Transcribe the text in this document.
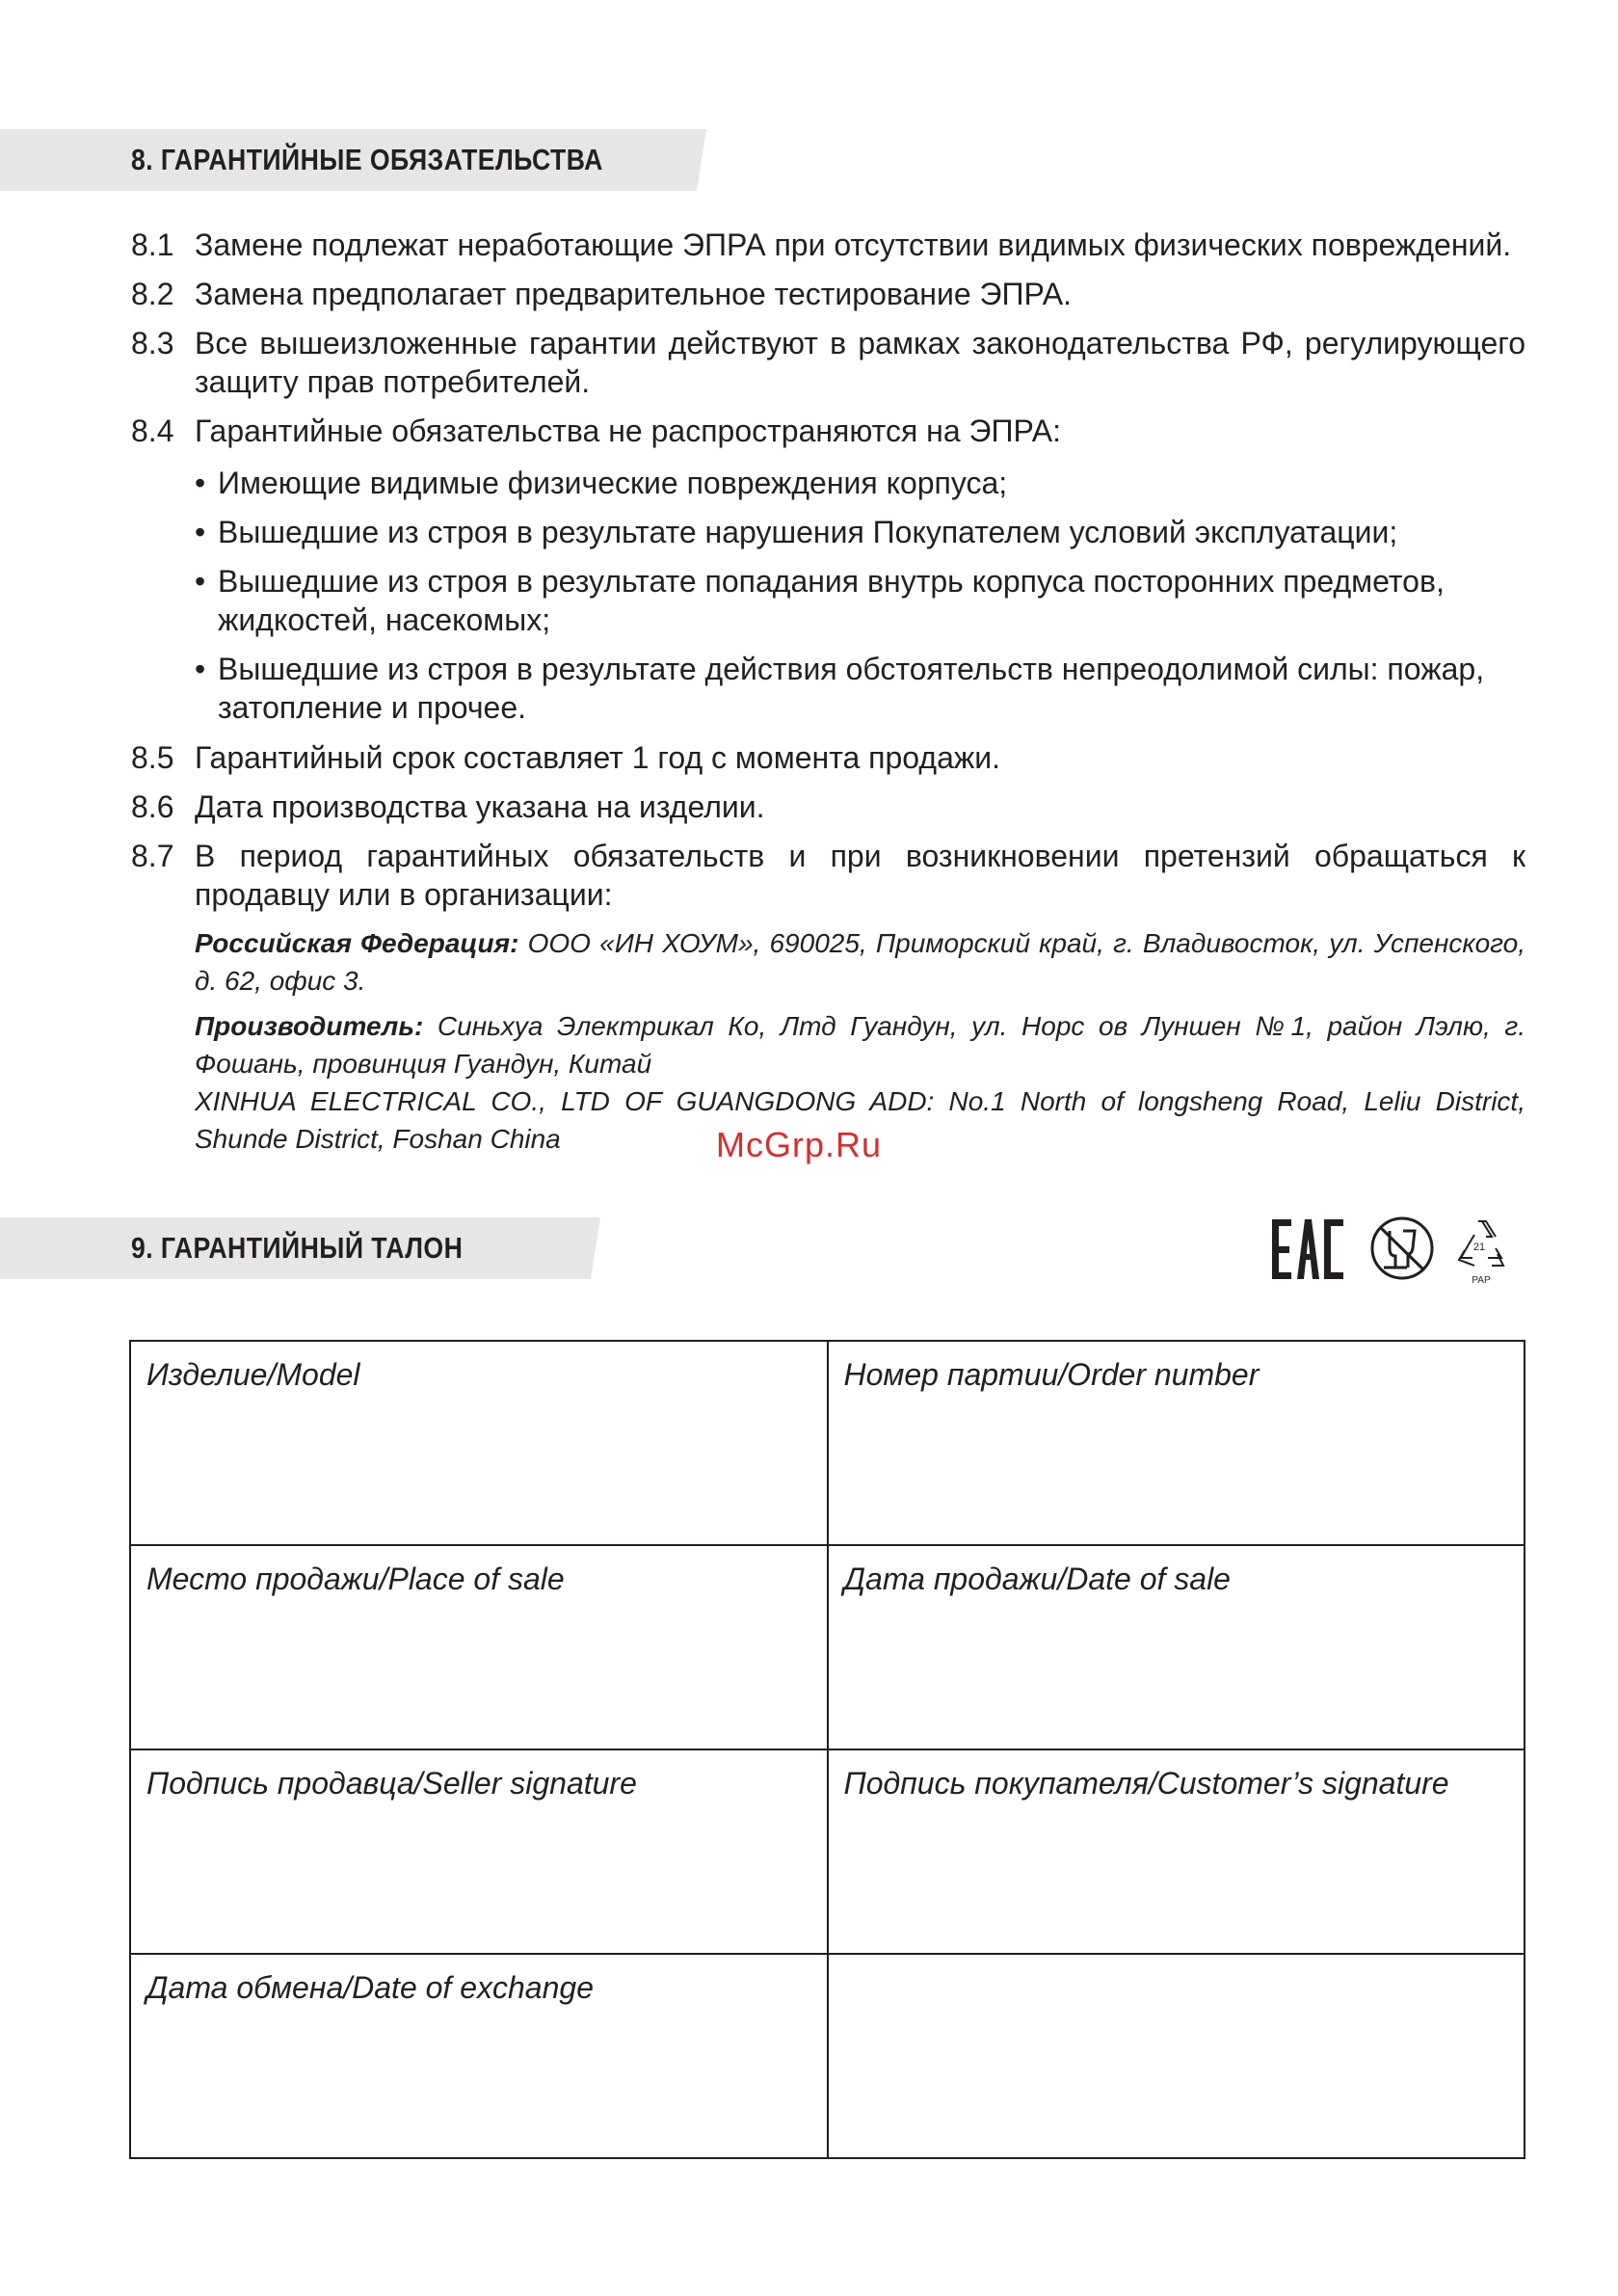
8. ГАРАНТИЙНЫЕ ОБЯЗАТЕЛЬСТВА
8.1 Замене подлежат неработающие ЭПРА при отсутствии видимых физических повреждений.
8.2 Замена предполагает предварительное тестирование ЭПРА.
8.3 Все вышеизложенные гарантии действуют в рамках законодательства РФ, регулирующего защиту прав потребителей.
8.4 Гарантийные обязательства не распространяются на ЭПРА:
• Имеющие видимые физические повреждения корпуса;
• Вышедшие из строя в результате нарушения Покупателем условий эксплуатации;
• Вышедшие из строя в результате попадания внутрь корпуса посторонних предметов, жидкостей, насекомых;
• Вышедшие из строя в результате действия обстоятельств непреодолимой силы: пожар, затопление и прочее.
8.5 Гарантийный срок составляет 1 год с момента продажи.
8.6 Дата производства указана на изделии.
8.7 В период гарантийных обязательств и при возникновении претензий обращаться к продавцу или в организации:
Российская Федерация: ООО «ИН ХОУМ», 690025, Приморский край, г. Владивосток, ул. Успенского, д. 62, офис 3.
Производитель: Синьхуа Электрикал Ко, Лтд Гуандун, ул. Норс ов Луншен №1, район Лэлю, г. Фошань, провинция Гуандун, Китай
XINHUA ELECTRICAL CO., LTD OF GUANGDONG ADD: No.1 North of longsheng Road, Leliu District, Shunde District, Foshan China	McGrp.Ru
9. ГАРАНТИЙНЫЙ ТАЛОН	21
PAP
Изделие/Model	Номер партии/Order number
Место продажи/Place of sale	Дата продажи/Date of sale
Подпись продавца/Seller signature	Подпись покупателя/Customer’s signature
Дата обмена/Date of exchange	
